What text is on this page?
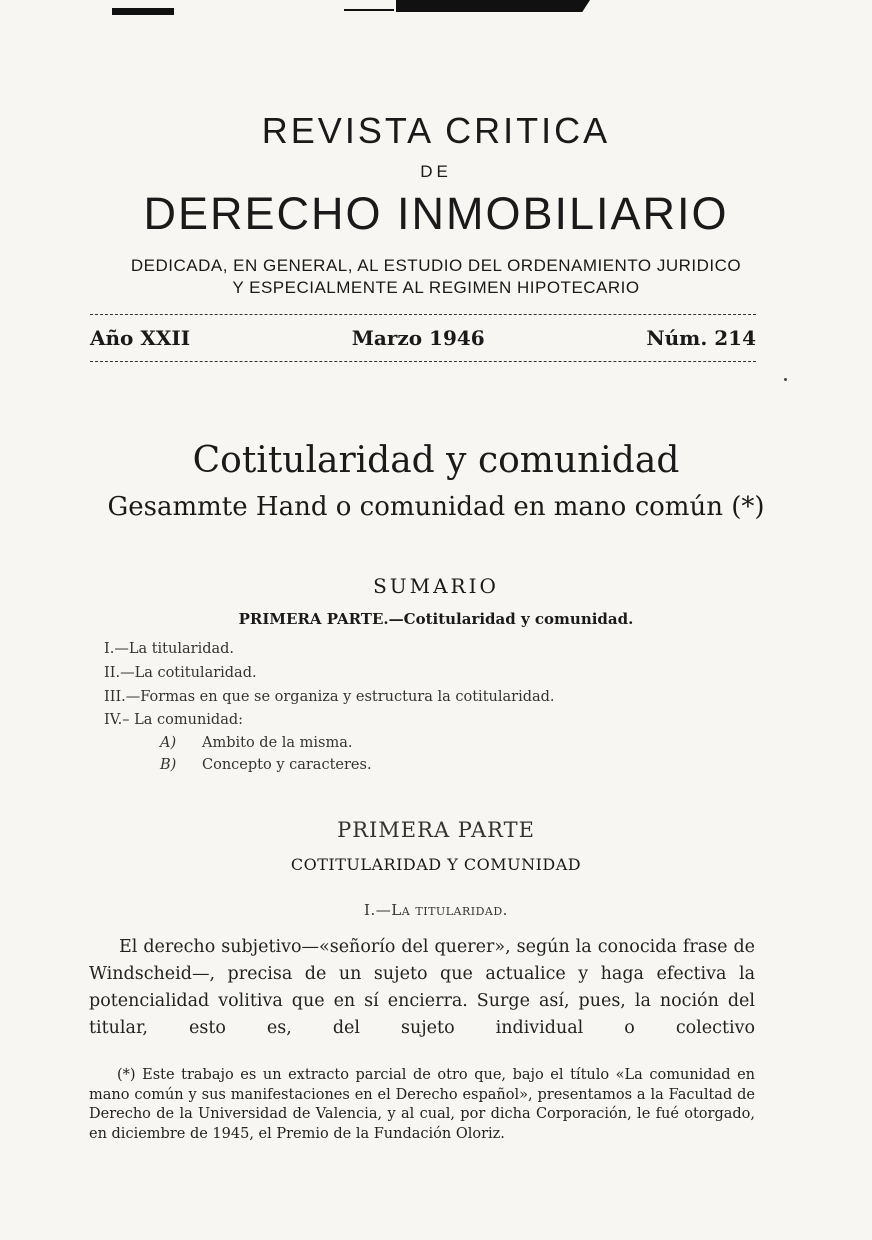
REVISTA CRITICA
DE
DERECHO INMOBILIARIO
DEDICADA, EN GENERAL, AL ESTUDIO DEL ORDENAMIENTO JURIDICO
Y ESPECIALMENTE AL REGIMEN HIPOTECARIO
Año XXII	Marzo 1946	Núm. 214
Cotitularidad y comunidad
Gesammte Hand o comunidad en mano común (*)
SUMARIO
PRIMERA PARTE.—Cotitularidad y comunidad.
I.—La titularidad.
II.—La cotitularidad.
III.—Formas en que se organiza y estructura la cotitularidad.
IV.– La comunidad:
A) Ambito de la misma.
B) Concepto y caracteres.
PRIMERA PARTE
COTITULARIDAD Y COMUNIDAD
I.—La titularidad.

El derecho subjetivo—«señorío del querer», según la conocida frase de Windscheid—, precisa de un sujeto que actualice y haga efectiva la potencialidad volitiva que en sí encierra. Surge así, pues, la noción del titular, esto es, del sujeto individual o colectivo

(*) Este trabajo es un extracto parcial de otro que, bajo el título «La comunidad en mano común y sus manifestaciones en el Derecho español», presentamos a la Facultad de Derecho de la Universidad de Valencia, y al cual, por dicha Corporación, le fué otorgado, en diciembre de 1945, el Premio de la Fundación Oloriz.
